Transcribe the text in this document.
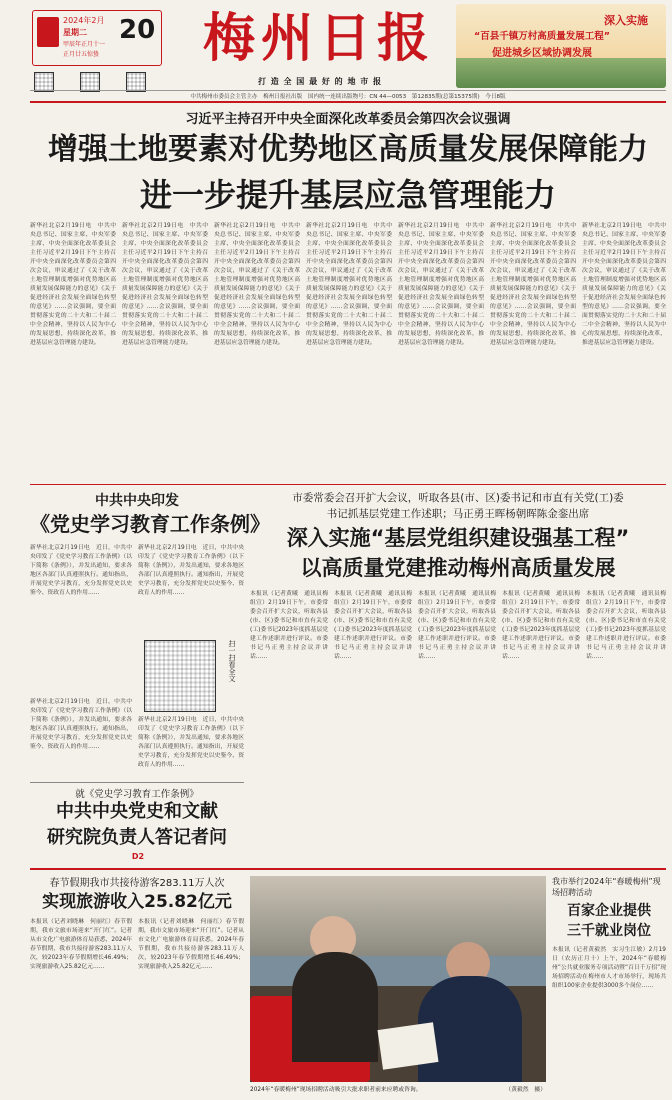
2024年2月
星期二 20
甲辰年正月十一
正月廿五惊蛰 梅州日报
打 造 全 国 最 好 的 地 市 报
深入实施
“百县千镇万村高质量发展工程”
促进城乡区域协调发展
中共梅州市委员会主管主办　梅州日报社出版　国内统一连续出版物号：CN 44—0053　第12835期(总第15375期)　今日8版
习近平主持召开中央全面深化改革委员会第四次会议强调
增强土地要素对优势地区高质量发展保障能力
进一步提升基层应急管理能力
新华社北京2月19日电　中共中央总书记、国家主席、中央军委主席、中央全面深化改革委员会主任习近平2月19日下午主持召开中央全面深化改革委员会第四次会议，审议通过了《关于改革土地管理制度增强对优势地区高质量发展保障能力的意见》《关于促进经济社会发展全面绿色转型的意见》……会议强调，要全面贯彻落实党的二十大和二十届二中全会精神，坚持以人民为中心的发展思想，持续深化改革，推进基层应急管理能力建设。
新华社北京2月19日电　中共中央总书记、国家主席、中央军委主席、中央全面深化改革委员会主任习近平2月19日下午主持召开中央全面深化改革委员会第四次会议，审议通过了《关于改革土地管理制度增强对优势地区高质量发展保障能力的意见》《关于促进经济社会发展全面绿色转型的意见》……会议强调，要全面贯彻落实党的二十大和二十届二中全会精神，坚持以人民为中心的发展思想，持续深化改革，推进基层应急管理能力建设。
新华社北京2月19日电　中共中央总书记、国家主席、中央军委主席、中央全面深化改革委员会主任习近平2月19日下午主持召开中央全面深化改革委员会第四次会议，审议通过了《关于改革土地管理制度增强对优势地区高质量发展保障能力的意见》《关于促进经济社会发展全面绿色转型的意见》……会议强调，要全面贯彻落实党的二十大和二十届二中全会精神，坚持以人民为中心的发展思想，持续深化改革，推进基层应急管理能力建设。
新华社北京2月19日电　中共中央总书记、国家主席、中央军委主席、中央全面深化改革委员会主任习近平2月19日下午主持召开中央全面深化改革委员会第四次会议，审议通过了《关于改革土地管理制度增强对优势地区高质量发展保障能力的意见》《关于促进经济社会发展全面绿色转型的意见》……会议强调，要全面贯彻落实党的二十大和二十届二中全会精神，坚持以人民为中心的发展思想，持续深化改革，推进基层应急管理能力建设。
新华社北京2月19日电　中共中央总书记、国家主席、中央军委主席、中央全面深化改革委员会主任习近平2月19日下午主持召开中央全面深化改革委员会第四次会议，审议通过了《关于改革土地管理制度增强对优势地区高质量发展保障能力的意见》《关于促进经济社会发展全面绿色转型的意见》……会议强调，要全面贯彻落实党的二十大和二十届二中全会精神，坚持以人民为中心的发展思想，持续深化改革，推进基层应急管理能力建设。
新华社北京2月19日电　中共中央总书记、国家主席、中央军委主席、中央全面深化改革委员会主任习近平2月19日下午主持召开中央全面深化改革委员会第四次会议，审议通过了《关于改革土地管理制度增强对优势地区高质量发展保障能力的意见》《关于促进经济社会发展全面绿色转型的意见》……会议强调，要全面贯彻落实党的二十大和二十届二中全会精神，坚持以人民为中心的发展思想，持续深化改革，推进基层应急管理能力建设。
新华社北京2月19日电　中共中央总书记、国家主席、中央军委主席、中央全面深化改革委员会主任习近平2月19日下午主持召开中央全面深化改革委员会第四次会议，审议通过了《关于改革土地管理制度增强对优势地区高质量发展保障能力的意见》《关于促进经济社会发展全面绿色转型的意见》……会议强调，要全面贯彻落实党的二十大和二十届二中全会精神，坚持以人民为中心的发展思想，持续深化改革，推进基层应急管理能力建设。
中共中央印发
《党史学习教育工作条例》
新华社北京2月19日电　近日，中共中央印发了《党史学习教育工作条例》（以下简称《条例》），并发出通知，要求各地区各部门认真遵照执行。通知指出，开展党史学习教育，充分发挥党史以史鉴今、资政育人的作用……
新华社北京2月19日电　近日，中共中央印发了《党史学习教育工作条例》（以下简称《条例》），并发出通知，要求各地区各部门认真遵照执行。通知指出，开展党史学习教育，充分发挥党史以史鉴今、资政育人的作用……
新华社北京2月19日电　近日，中共中央印发了《党史学习教育工作条例》（以下简称《条例》），并发出通知，要求各地区各部门认真遵照执行。通知指出，开展党史学习教育，充分发挥党史以史鉴今、资政育人的作用……
扫一扫看全文
新华社北京2月19日电　近日，中共中央印发了《党史学习教育工作条例》（以下简称《条例》），并发出通知，要求各地区各部门认真遵照执行。通知指出，开展党史学习教育，充分发挥党史以史鉴今、资政育人的作用……
就《党史学习教育工作条例》
中共中央党史和文献
研究院负责人答记者问
D2
市委常委会召开扩大会议，听取各县(市、区)委书记和市直有关党(工)委
书记抓基层党建工作述职；马正勇王晖杨朝晖陈金銮出席
深入实施“基层党组织建设强基工程”
以高质量党建推动梅州高质量发展
本报讯（记者黄曦　通讯员梅组宣）2月19日下午，市委常委会召开扩大会议，听取各县(市、区)委书记和市直有关党(工)委书记2023年度抓基层党建工作述职并进行评议。市委书记马正勇主持会议并讲话……
本报讯（记者黄曦　通讯员梅组宣）2月19日下午，市委常委会召开扩大会议，听取各县(市、区)委书记和市直有关党(工)委书记2023年度抓基层党建工作述职并进行评议。市委书记马正勇主持会议并讲话……
本报讯（记者黄曦　通讯员梅组宣）2月19日下午，市委常委会召开扩大会议，听取各县(市、区)委书记和市直有关党(工)委书记2023年度抓基层党建工作述职并进行评议。市委书记马正勇主持会议并讲话……
本报讯（记者黄曦　通讯员梅组宣）2月19日下午，市委常委会召开扩大会议，听取各县(市、区)委书记和市直有关党(工)委书记2023年度抓基层党建工作述职并进行评议。市委书记马正勇主持会议并讲话……
本报讯（记者黄曦　通讯员梅组宣）2月19日下午，市委常委会召开扩大会议，听取各县(市、区)委书记和市直有关党(工)委书记2023年度抓基层党建工作述职并进行评议。市委书记马正勇主持会议并讲话……
春节假期我市共接待游客283.11万人次
实现旅游收入25.82亿元
本报讯（记者刘晓琳　何丽红）春节假期，我市文旅市场迎来“开门红”。记者从市文化广电旅游体育局获悉，2024年春节假期，我市共接待游客283.11万人次，较2023年春节假期增长46.49%；实现旅游收入25.82亿元……
本报讯（记者刘晓琳　何丽红）春节假期，我市文旅市场迎来“开门红”。记者从市文化广电旅游体育局获悉，2024年春节假期，我市共接待游客283.11万人次，较2023年春节假期增长46.49%；实现旅游收入25.82亿元……
2024年“春暖梅州”现场招聘活动吸引大批求职者前来应聘或咨询。	（黄毅然　摄）
我市举行2024年“春暖梅州”现场招聘活动
百家企业提供
三千就业岗位
本报讯（记者黄毅然　实习生江敏）2月19日（农历正月十）上午，2024年“春暖梅州”公共就业服务专项活动暨“百日千万招”现场招聘活动在梅州市人才市场举行，现场共组织100家企业提供3000多个岗位……
